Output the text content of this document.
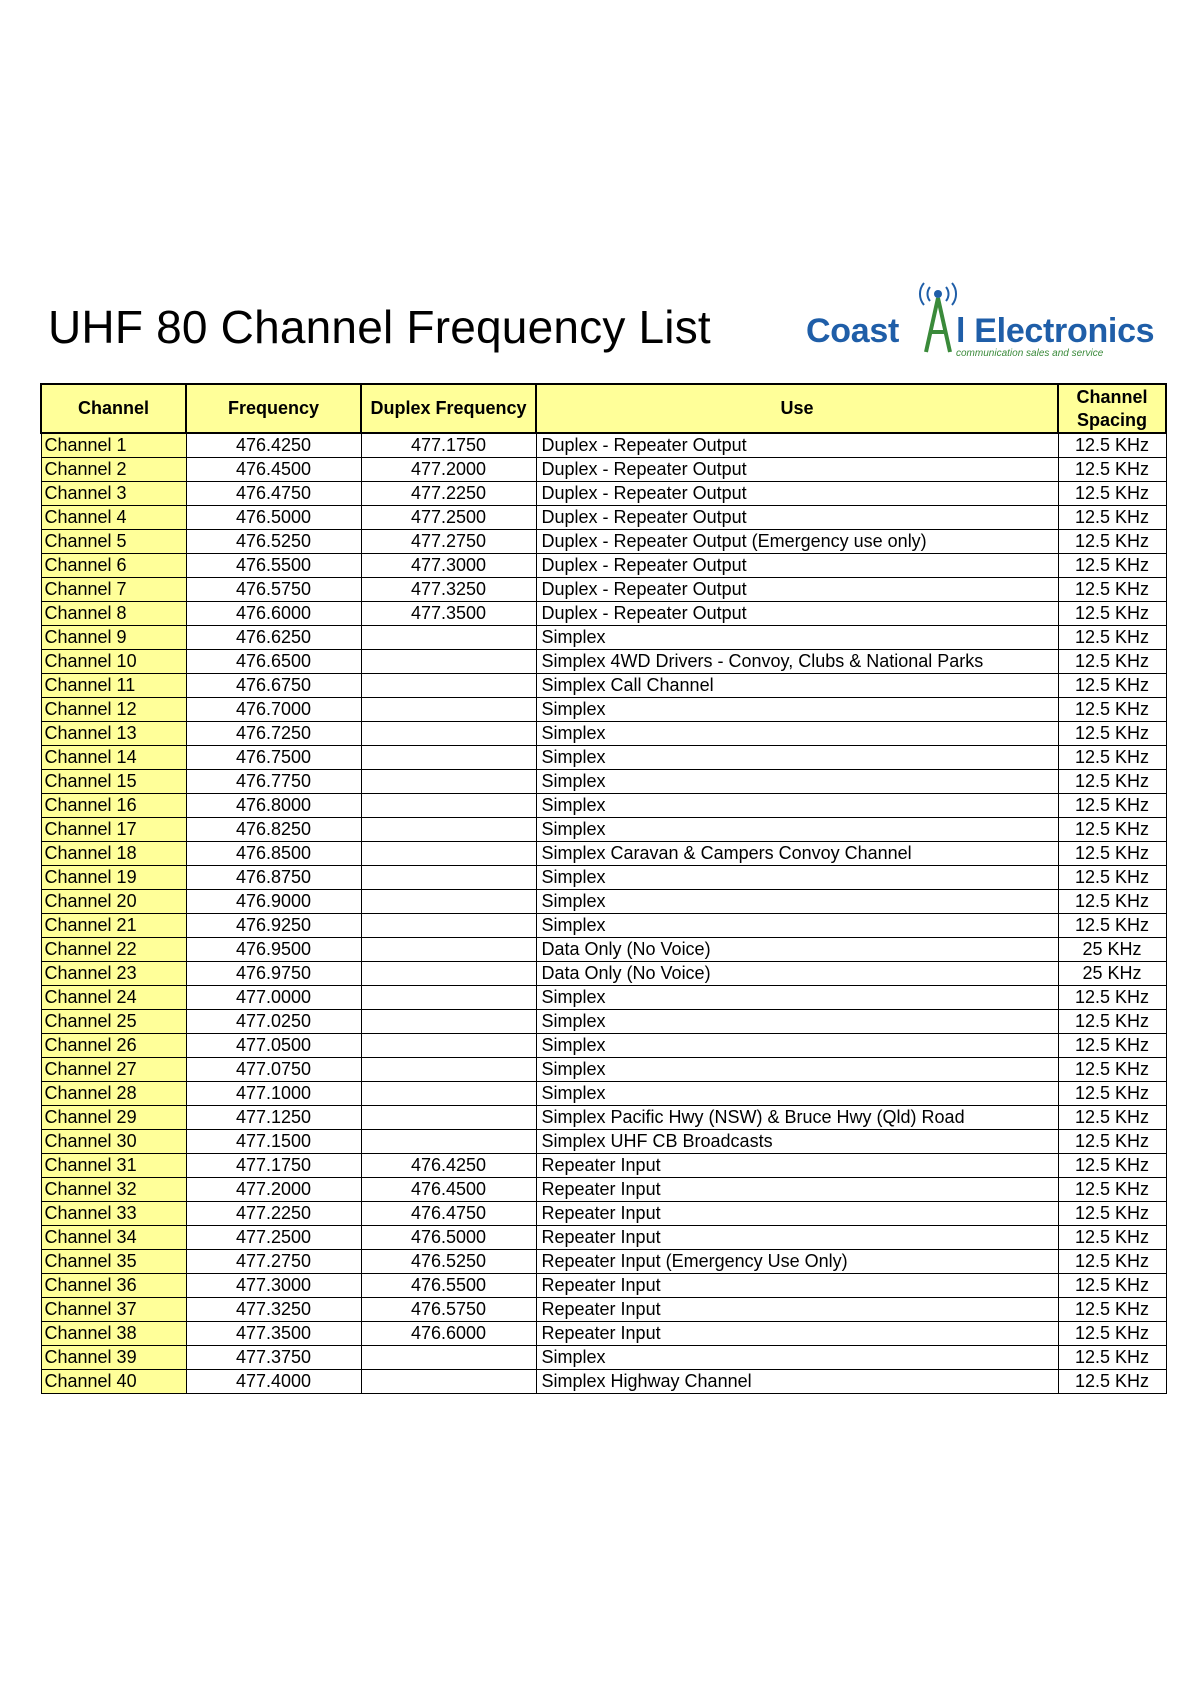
UHF 80 Channel Frequency List	Coast l Electronics
communication sales and service
Channel	Frequency	Duplex Frequency	Use	Channel Spacing
Channel 1	476.4250	477.1750	Duplex - Repeater Output	12.5 KHz
Channel 2	476.4500	477.2000	Duplex - Repeater Output	12.5 KHz
Channel 3	476.4750	477.2250	Duplex - Repeater Output	12.5 KHz
Channel 4	476.5000	477.2500	Duplex - Repeater Output	12.5 KHz
Channel 5	476.5250	477.2750	Duplex - Repeater Output (Emergency use only)	12.5 KHz
Channel 6	476.5500	477.3000	Duplex - Repeater Output	12.5 KHz
Channel 7	476.5750	477.3250	Duplex - Repeater Output	12.5 KHz
Channel 8	476.6000	477.3500	Duplex - Repeater Output	12.5 KHz
Channel 9	476.6250		Simplex	12.5 KHz
Channel 10	476.6500		Simplex 4WD Drivers - Convoy, Clubs & National Parks	12.5 KHz
Channel 11	476.6750		Simplex Call Channel	12.5 KHz
Channel 12	476.7000		Simplex	12.5 KHz
Channel 13	476.7250		Simplex	12.5 KHz
Channel 14	476.7500		Simplex	12.5 KHz
Channel 15	476.7750		Simplex	12.5 KHz
Channel 16	476.8000		Simplex	12.5 KHz
Channel 17	476.8250		Simplex	12.5 KHz
Channel 18	476.8500		Simplex Caravan & Campers Convoy Channel	12.5 KHz
Channel 19	476.8750		Simplex	12.5 KHz
Channel 20	476.9000		Simplex	12.5 KHz
Channel 21	476.9250		Simplex	12.5 KHz
Channel 22	476.9500		Data Only (No Voice)	25 KHz
Channel 23	476.9750		Data Only (No Voice)	25 KHz
Channel 24	477.0000		Simplex	12.5 KHz
Channel 25	477.0250		Simplex	12.5 KHz
Channel 26	477.0500		Simplex	12.5 KHz
Channel 27	477.0750		Simplex	12.5 KHz
Channel 28	477.1000		Simplex	12.5 KHz
Channel 29	477.1250		Simplex Pacific Hwy (NSW) & Bruce Hwy (Qld) Road	12.5 KHz
Channel 30	477.1500		Simplex UHF CB Broadcasts	12.5 KHz
Channel 31	477.1750	476.4250	Repeater Input	12.5 KHz
Channel 32	477.2000	476.4500	Repeater Input	12.5 KHz
Channel 33	477.2250	476.4750	Repeater Input	12.5 KHz
Channel 34	477.2500	476.5000	Repeater Input	12.5 KHz
Channel 35	477.2750	476.5250	Repeater Input (Emergency Use Only)	12.5 KHz
Channel 36	477.3000	476.5500	Repeater Input	12.5 KHz
Channel 37	477.3250	476.5750	Repeater Input	12.5 KHz
Channel 38	477.3500	476.6000	Repeater Input	12.5 KHz
Channel 39	477.3750		Simplex	12.5 KHz
Channel 40	477.4000		Simplex Highway Channel	12.5 KHz
